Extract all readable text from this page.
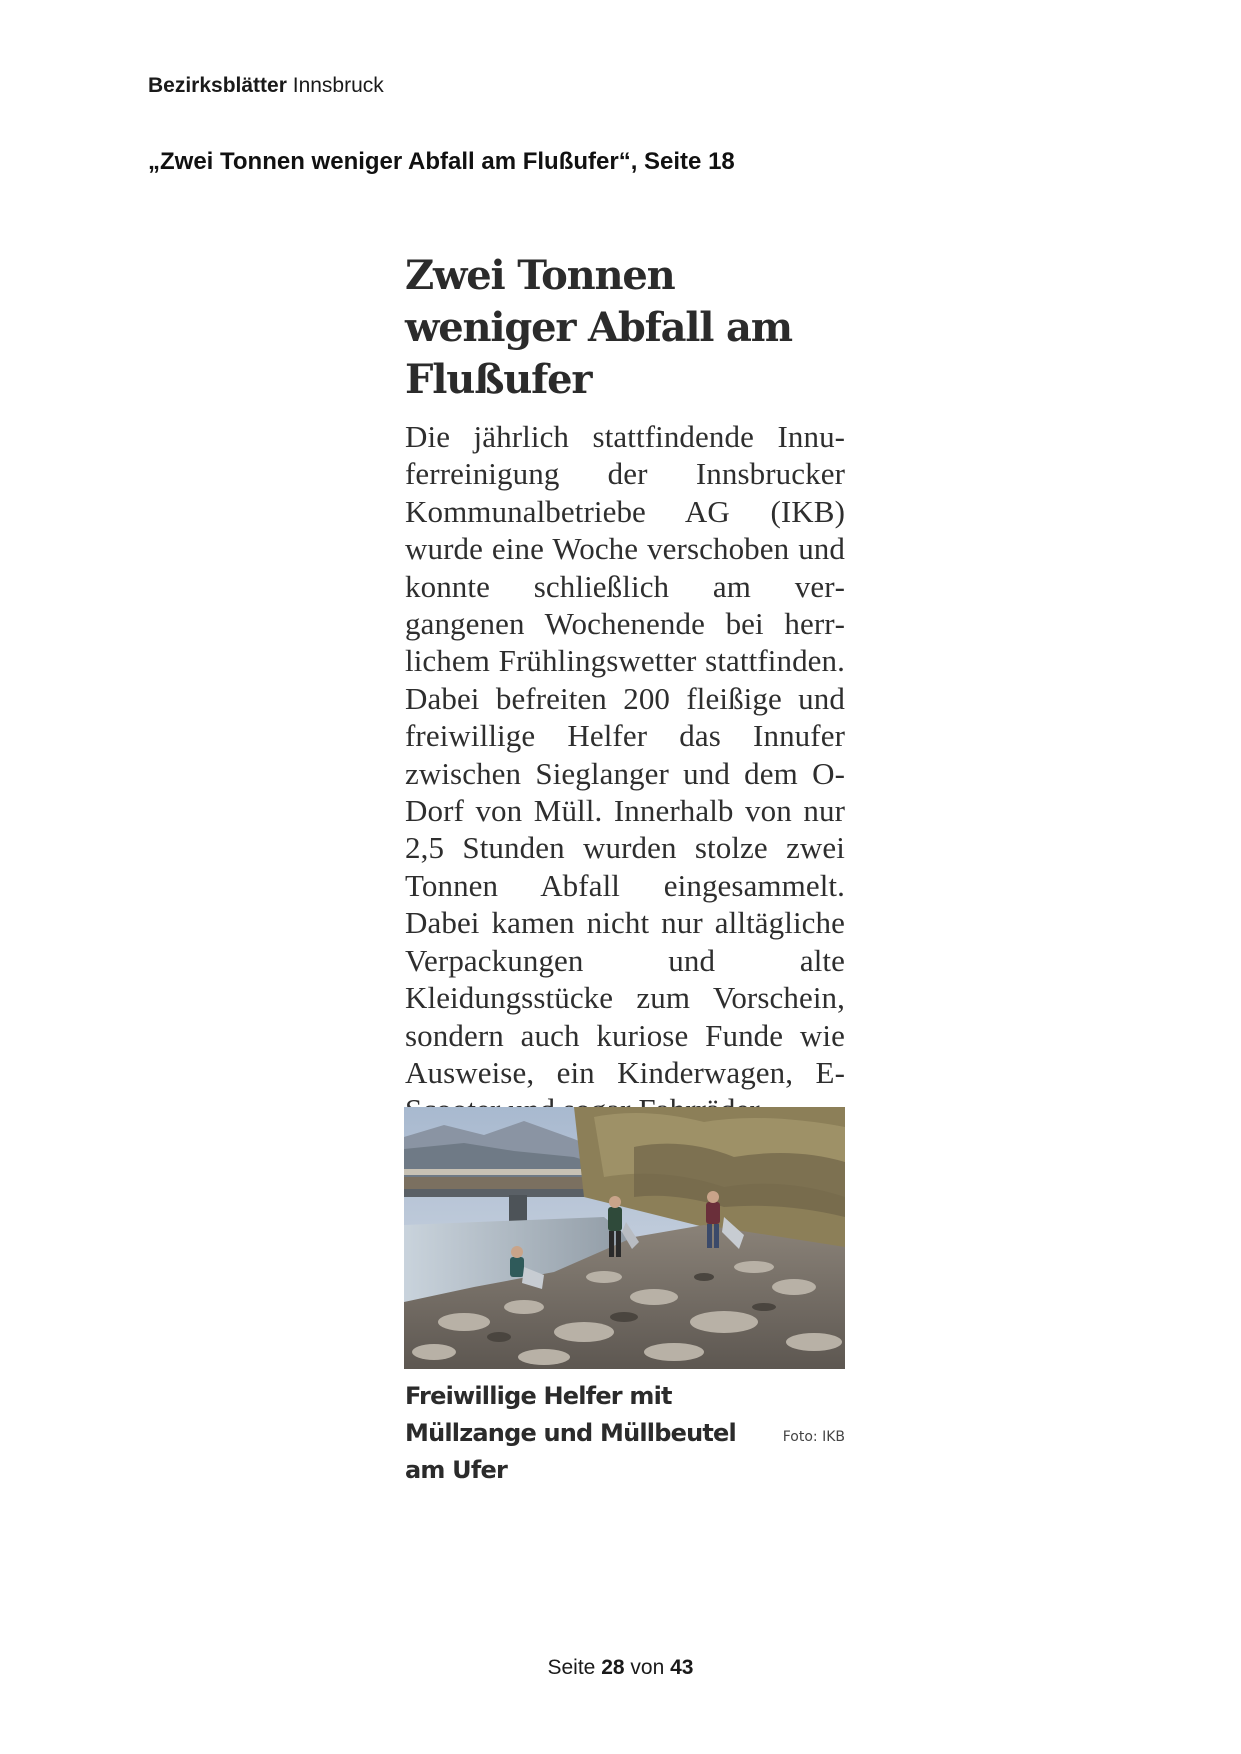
Bezirksblätter Innsbruck
„Zwei Tonnen weniger Abfall am Flußufer“, Seite 18
Zwei Tonnen weniger Abfall am Flußufer

Die jährlich stattfindende Innuferreinigung der Innsbrucker Kommunalbetriebe AG (IKB) wurde eine Woche verschoben und konnte schließlich am vergangenen Wochenende bei herrlichem Frühlingswetter stattfinden. Dabei befreiten 200 fleißige und freiwillige Helfer das Innufer zwischen Sieglanger und dem O-Dorf von Müll. Innerhalb von nur 2,5 Stunden wurden stolze zwei Tonnen Abfall eingesammelt. Dabei kamen nicht nur alltägliche Verpackungen und alte Kleidungsstücke zum Vorschein, sondern auch kuriose Funde wie Ausweise, ein Kinderwagen, E-

Freiwillige Helfer mit Müllzange und Müllbeutel am Ufer
Foto: IKB
Seite 28 von 43
